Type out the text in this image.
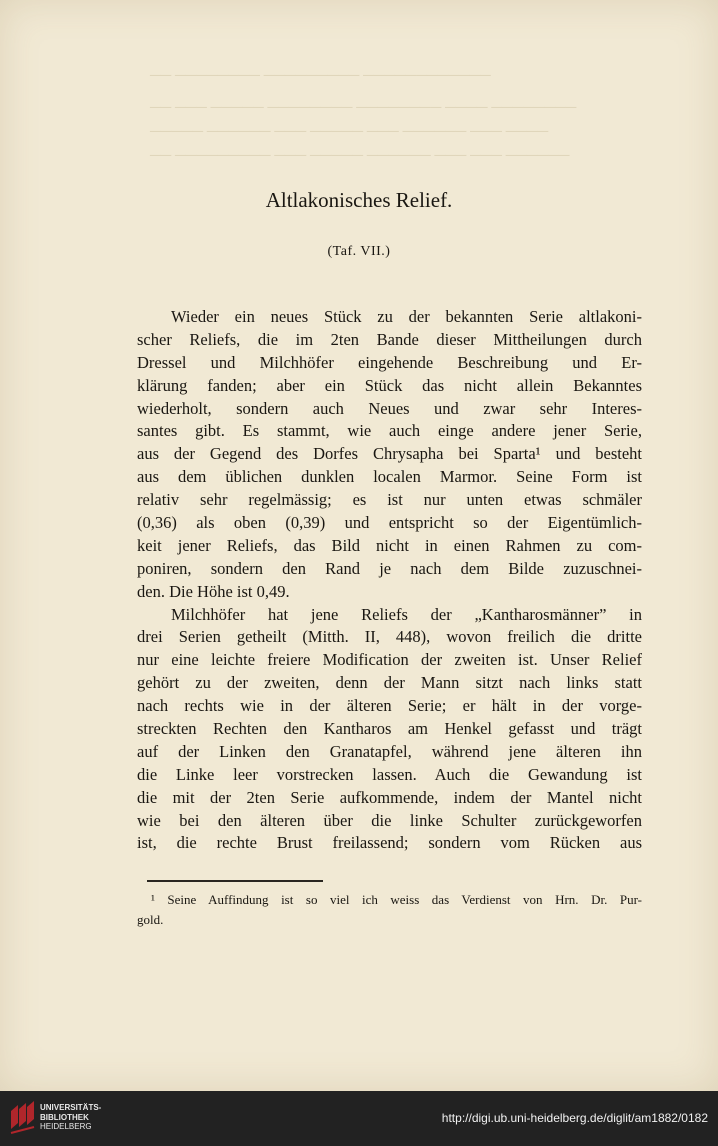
──────────── ───────── ──────── ──
──────── ──── ──────── ──────── ───── ─── ──
──── ─── ────── ─── ───── ─── ────── ─────
────── ─── ─── ────── ───── ─── ───────── ──
Altlakonisches Relief.
(Taf. VII.)
Wieder ein neues Stück zu der bekannten Serie altlakoni-
scher Reliefs, die im 2ten Bande dieser Mittheilungen durch
Dressel und Milchhöfer eingehende Beschreibung und Er-
klärung fanden; aber ein Stück das nicht allein Bekanntes
wiederholt, sondern auch Neues und zwar sehr Interes-
santes gibt. Es stammt, wie auch einge andere jener Serie,
aus der Gegend des Dorfes Chrysapha bei Sparta¹ und besteht
aus dem üblichen dunklen localen Marmor. Seine Form ist
relativ sehr regelmässig; es ist nur unten etwas schmäler
(0,36) als oben (0,39) und entspricht so der Eigentümlich-
keit jener Reliefs, das Bild nicht in einen Rahmen zu com-
poniren, sondern den Rand je nach dem Bilde zuzuschnei-
den. Die Höhe ist 0,49.
Milchhöfer hat jene Reliefs der „Kantharosmänner” in
drei Serien getheilt (Mitth. II, 448), wovon freilich die dritte
nur eine leichte freiere Modification der zweiten ist. Unser Relief
gehört zu der zweiten, denn der Mann sitzt nach links statt
nach rechts wie in der älteren Serie; er hält in der vorge-
streckten Rechten den Kantharos am Henkel gefasst und trägt
auf der Linken den Granatapfel, während jene älteren ihn
die Linke leer vorstrecken lassen. Auch die Gewandung ist
die mit der 2ten Serie aufkommende, indem der Mantel nicht
wie bei den älteren über die linke Schulter zurückgeworfen
ist, die rechte Brust freilassend; sondern vom Rücken aus
¹ Seine Auffindung ist so viel ich weiss das Verdienst von Hrn. Dr. Pur-
gold.
UNIVERSITÄTS-
BIBLIOTHEK
HEIDELBERG
http://digi.ub.uni-heidelberg.de/diglit/am1882/0182
